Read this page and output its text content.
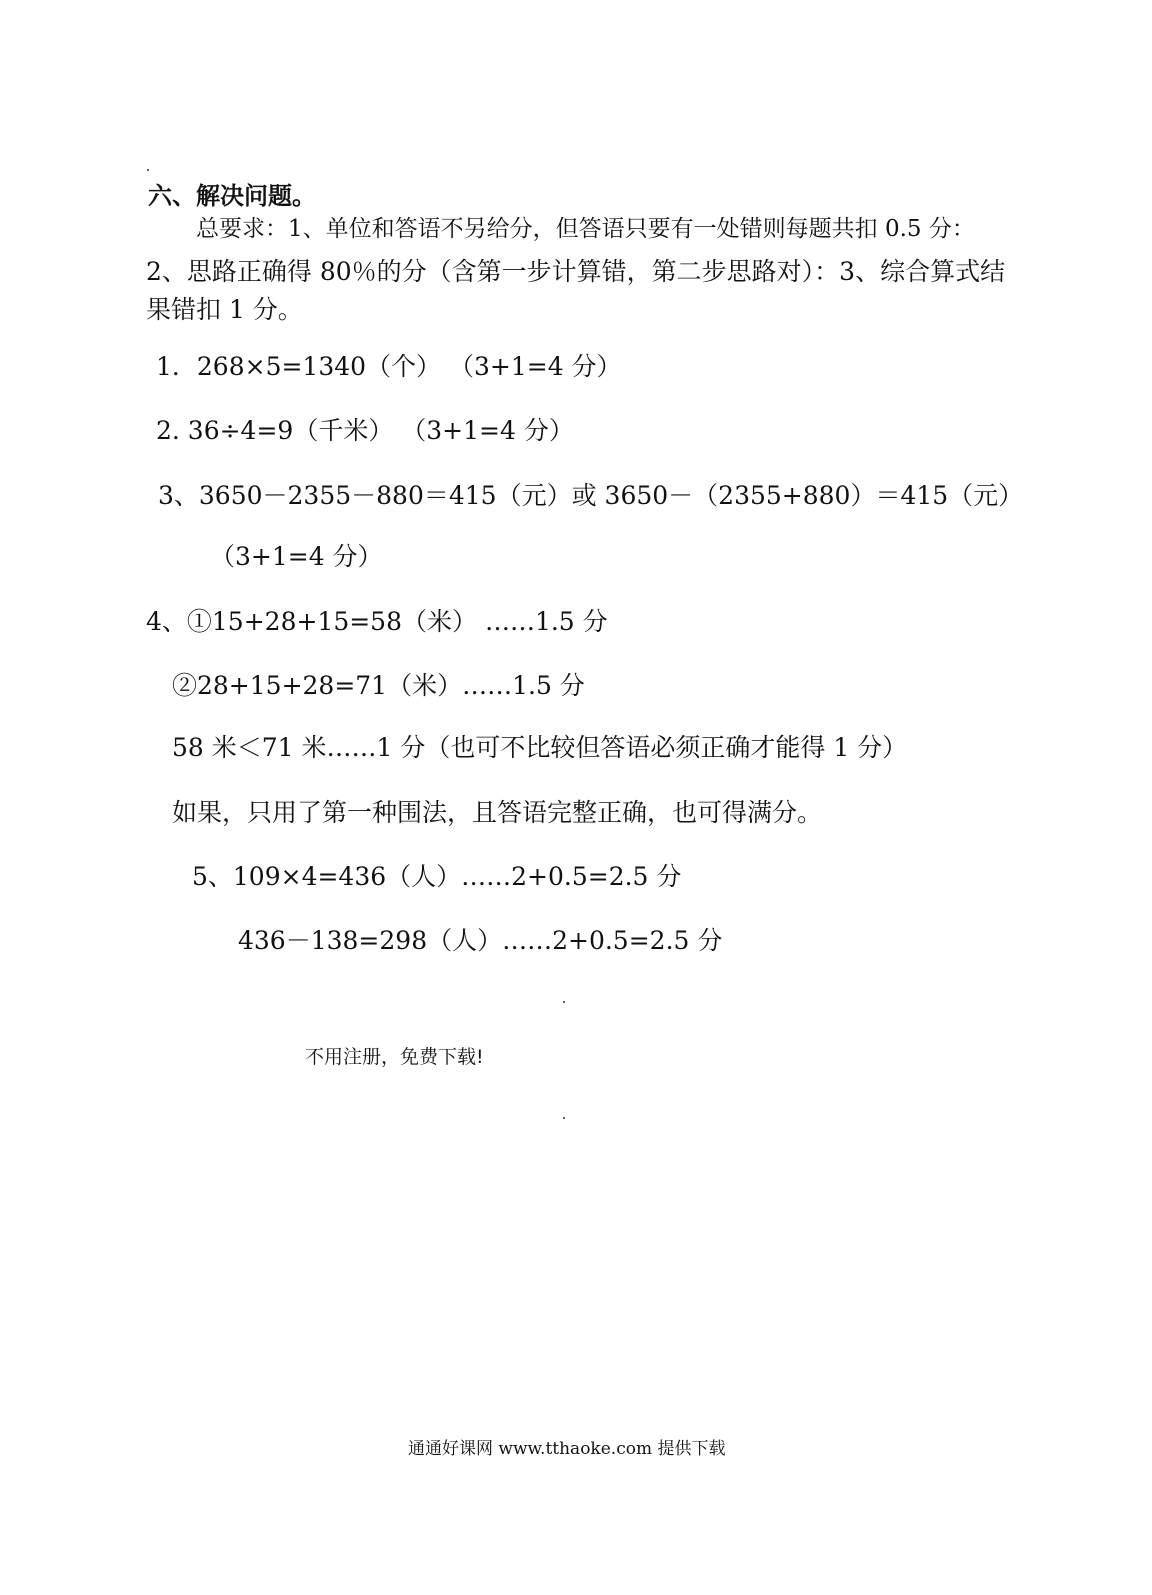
六、解决问题。
总要求：1、单位和答语不另给分，但答语只要有一处错则每题共扣 0.5 分：
2、思路正确得 80％的分（含第一步计算错，第二步思路对）：3、综合算式结
果错扣 1 分。
1．268×5=1340（个） （3+1=4 分）
2. 36÷4=9（千米） （3+1=4 分）
3、3650－2355－880＝415（元）或 3650－（2355+880）＝415（元）
（3+1=4 分）
4、①15+28+15=58（米） ……1.5 分
②28+15+28=71（米）……1.5 分
58 米＜71 米……1 分（也可不比较但答语必须正确才能得 1 分）
如果，只用了第一种围法，且答语完整正确，也可得满分。
5、109×4=436（人）……2+0.5=2.5 分
436－138=298（人）……2+0.5=2.5 分
不用注册，免费下载!
通通好课网 www.tthaoke.com 提供下载
